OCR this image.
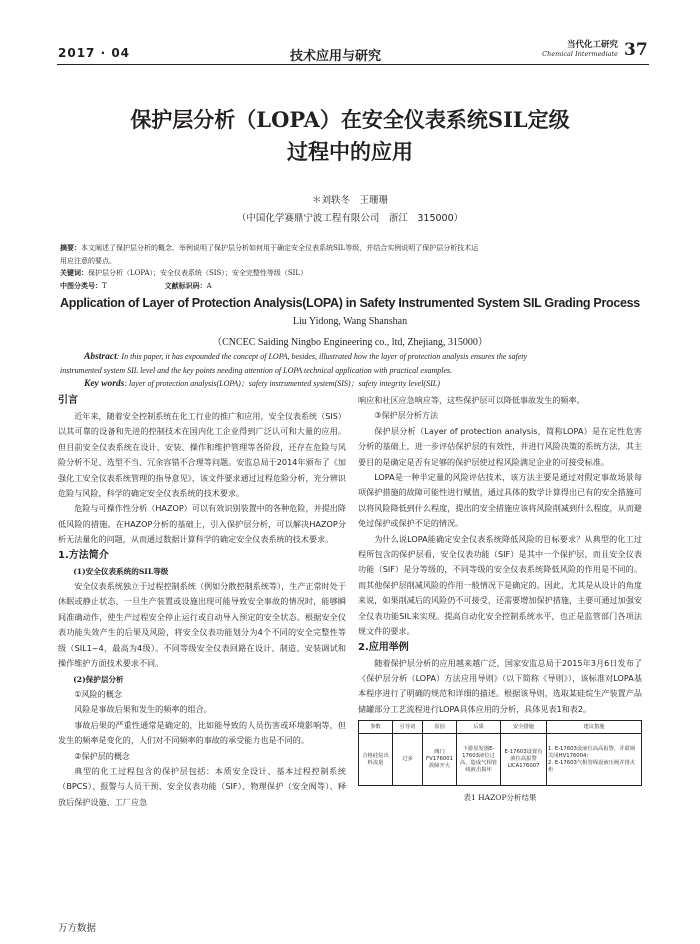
2017 · 04	技术应用与研究
当代化工研究
Chemical Intermediate 37
保护层分析（LOPA）在安全仪表系统SIL定级
过程中的应用
＊刘轶冬　王珊珊
（中国化学赛鼎宁波工程有限公司　浙江　315000）
摘要：本文阐述了保护层分析的概念，举例说明了保护层分析如何用于确定安全仪表系统SIL等级，并结合实例说明了保护层分析技术运
用应注意的要点。
关键词：保护层分析（LOPA）；安全仪表系统（SIS）；安全完整性等级（SIL）
中图分类号：T	文献标识码：A
Application of Layer of Protection Analysis(LOPA) in Safety Instrumented System SIL Grading Process
Liu Yidong, Wang Shanshan
（CNCEC Saiding Ningbo Engineering co., ltd, Zhejiang, 315000）
Abstract: In this paper, it has expounded the concept of LOPA, besides, illustrated how the layer of protection analysis ensures the safety
instrumented system SIL level and the key points needing attention of LOPA technical application with practical examples.
Key words: layer of protection analysis(LOPA)；safety instrumented system(SIS)；safety integrity level(SIL)
引言

近年来，随着安全控制系统在化工行业的推广和应用，安全仪表系统（SIS）以其可靠的设备和先进的控制技术在国内化工企业得到广泛认可和大量的应用。但目前安全仪表系统在设计、安装、操作和维护管理等各阶段，还存在危险与风险分析不足、选型不当、冗余容错不合理等问题。安监总局于2014年颁布了《加强化工安全仪表系统管理的指导意见》，该文件要求通过过程危险分析，充分辨识危险与风险，科学的确定安全仪表系统的技术要求。

危险与可操作性分析（HAZOP）可以有效识别装置中的各种危险，并提出降低风险的措施。在HAZOP分析的基础上，引入保护层分析，可以解决HAZOP分析无法量化的问题，从而通过数据计算科学的确定安全仪表系统的技术要求。

1.方法简介
(1)安全仪表系统的SIL等级

安全仪表系统独立于过程控制系统（例如分散控制系统等），生产正常时处于休眠或静止状态，一旦生产装置或设施出现可能导致安全事故的情况时，能够瞬间准确动作，使生产过程安全停止运行或自动导入预定的安全状态。根据安全仪表功能失效产生的后果及风险，将安全仪表功能划分为4个不同的安全完整性等级（SIL1~4，最高为4级）。不同等级安全仪表回路在设计、制造、安装调试和操作维护方面技术要求不同。

(2)保护层分析

①风险的概念

风险是事故后果和发生的频率的组合。

事故后果的严重性通常是确定的，比如能导致的人员伤害或环境影响等，但发生的频率是变化的，人们对不同频率的事故的承受能力也是不同的。

②保护层的概念

典型的化工过程包含的保护层包括：本质安全设计、基本过程控制系统（BPCS）、报警与人员干预、安全仪表功能（SIF）、物理保护（安全阀等）、释放后保护设施、工厂应急

响应和社区应急响应等，这些保护层可以降低事故发生的频率。

③保护层分析方法

保护层分析（Layer of protection analysis，简称LOPA）是在定性危害分析的基础上，进一步评估保护层的有效性，并进行风险决策的系统方法，其主要目的是确定是否有足够的保护层使过程风险满足企业的可接受标准。

LOPA是一种半定量的风险评估技术，该方法主要是通过对假定事故场景每项保护措施的故障可能性进行赋值，通过具体的数学计算得出已有的安全措施可以将风险降低到什么程度，提出的安全措施应该将风险削减到什么程度，从而避免过保护或保护不足的情况。

为什么说LOPA能确定安全仪表系统降低风险的目标要求？从典型的化工过程所包含的保护层看，安全仪表功能（SIF）是其中一个保护层，而且安全仪表功能（SIF）是分等级的，不同等级的安全仪表系统降低风险的作用是不同的。而其他保护层削减风险的作用一般情况下是确定的。因此，尤其是从设计的角度来说，如果削减后的风险仍不可接受，还需要增加保护措施，主要可通过加强安全仪表功能SIL来实现。提高自动化安全控制系统水平，也正是监管部门各项法规文件的要求。

2.应用举例

随着保护层分析的应用越来越广泛，国家安监总局于2015年3月6日发布了《保护层分析（LOPA）方法应用导则》（以下简称《导则》），该标准对LOPA基本程序进行了明确的规范和详细的描述。根据该导则，选取某硅烷生产装置产品储罐部分工艺流程进行LOPA具体应用的分析，具体见表1和表2。

参数	引导词	原因	后果	安全措施	建议措施
合格硅烷出料流量	过多	阀门FV176001故障开大	下游原发器E-17603液位过高，造成气相管线液击损坏	E-17603设置有液位高报警LICA176007	1. E-17603设液位高高报警，并联锁关闭HV176004；
2. E-17603气相管线设液压阀并排火炬
表1 HAZOP分析结果
万方数据
